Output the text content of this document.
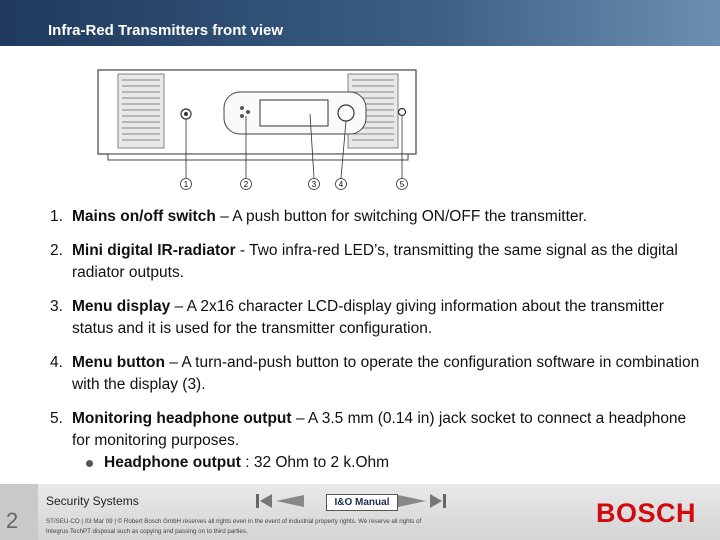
Infra-Red Transmitters front view
1	2	3	4	5
1. Mains on/off switch – A push button for switching ON/OFF the transmitter.
2. Mini digital IR-radiator - Two infra-red LED’s, transmitting the same signal as the digital radiator outputs.
3. Menu display – A 2x16 character LCD-display giving information about the transmitter status and it is used for the transmitter configuration.
4. Menu button – A turn-and-push button to operate the configuration software in combination with the display (3).
5. Monitoring headphone output – A 3.5 mm (0.14 in) jack socket to connect a headphone for monitoring purposes.
Headphone output : 32 Ohm to 2 k.Ohm
2
Security Systems	I&O Manual
ST/SEU-CO | 03 Mar 09 | © Robert Bosch GmbH reserves all rights even in the event of industrial property rights. We reserve all rights of
Integrus TechPT disposal such as copying and passing on to third parties.
BOSCH
